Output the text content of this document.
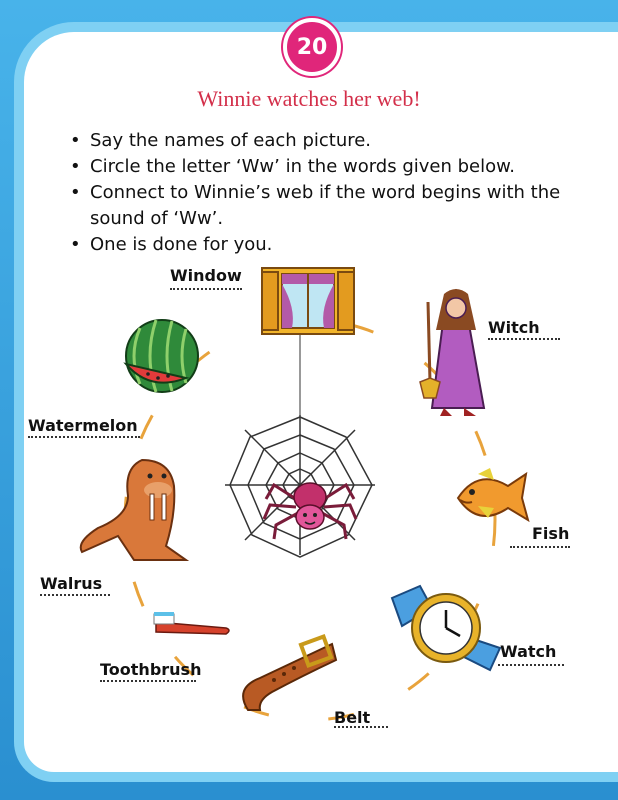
20
Winnie watches her web!
• Say the names of each picture.
• Circle the letter ‘Ww’ in the words given below.
• Connect to Winnie’s web if the word begins with the sound of ‘Ww’.
• One is done for you.
Window
Witch
Watermelon
Fish
Walrus
Watch
Toothbrush
Belt
